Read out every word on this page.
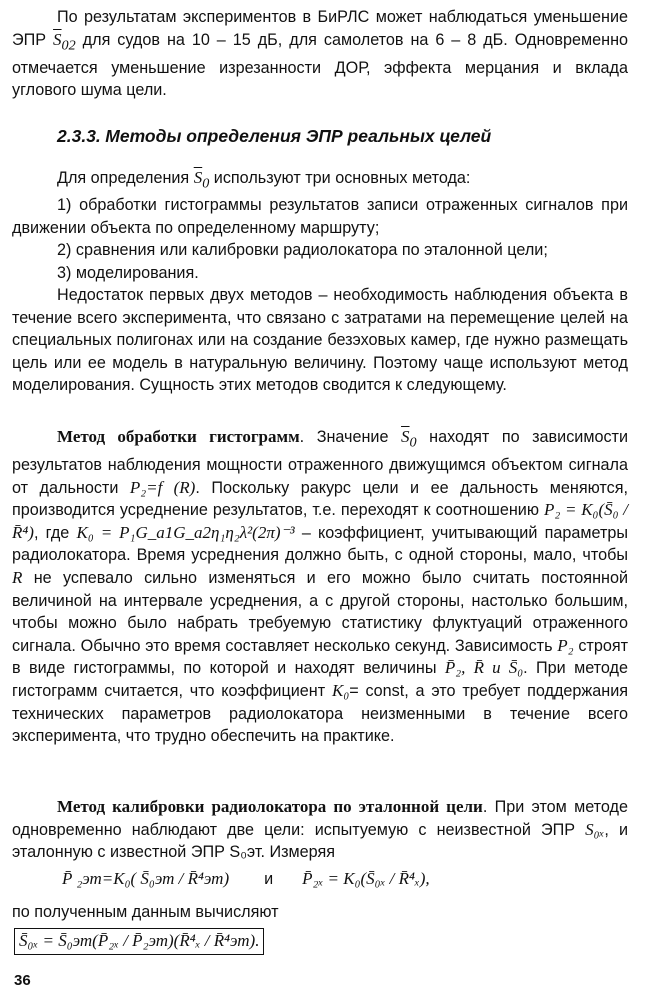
По результатам экспериментов в БиРЛС может наблюдаться уменьшение ЭПР $\overline{S}_{02}$ для судов на 10 – 15 дБ, для самолетов на 6 – 8 дБ. Одновременно отмечается уменьшение изрезанности ДОР, эффекта мерцания и вклада углового шума цели.

2.3.3. Методы определения ЭПР реальных целей

Для определения $\overline{S}_0$ используют три основных метода:

1) обработки гистограммы результатов записи отраженных сигналов при движении объекта по определенному маршруту;

2) сравнения или калибровки радиолокатора по эталонной цели;

3) моделирования.

Недостаток первых двух методов – необходимость наблюдения объекта в течение всего эксперимента, что связано с затратами на перемещение целей на специальных полигонах или на создание безэховых камер, где нужно размещать цель или ее модель в натуральную величину. Поэтому чаще используют метод моделирования. Сущность этих методов сводится к следующему.

Метод обработки гистограмм. Значение $\overline{S}_0$ находят по зависимости результатов наблюдения мощности отраженного движущимся объектом сигнала от дальности P₂=f (R). Поскольку ракурс цели и ее дальность меняются, производится усреднение результатов, т.е. переходят к соотношению P₂ = K₀(S̄₀ / R̄⁴), где K₀ = P₁G_a1G_a2η₁η₂λ²(2π)⁻³ – коэффициент, учитывающий параметры радиолокатора. Время усреднения должно быть, с одной стороны, мало, чтобы R не успевало сильно изменяться и его можно было считать постоянной величиной на интервале усреднения, а с другой стороны, настолько большим, чтобы можно было набрать требуемую статистику флуктуаций отраженного сигнала. Обычно это время составляет несколько секунд. Зависимость P₂ строят в виде гистограммы, по которой и находят величины P̄₂, R̄ и S̄₀. При методе гистограмм считается, что коэффициент K₀= const, а это требует поддержания технических параметров радиолокатора неизменными в течение всего эксперимента, что трудно обеспечить на практике.

Метод калибровки радиолокатора по эталонной цели. При этом методе одновременно наблюдают две цели: испытуемую с неизвестной ЭПР S₀ₓ, и эталонную с известной ЭПР S₀эт. Измеряя

P̄ ₂эт=K₀( S̄₀эт / R̄⁴эт) и P̄₂ₓ = K₀(S̄₀ₓ / R̄⁴ₓ),
по полученным данным вычисляют
S̄₀ₓ = S̄₀эт(P̄₂ₓ / P̄₂эт)(R̄⁴ₓ / R̄⁴эт).
36
